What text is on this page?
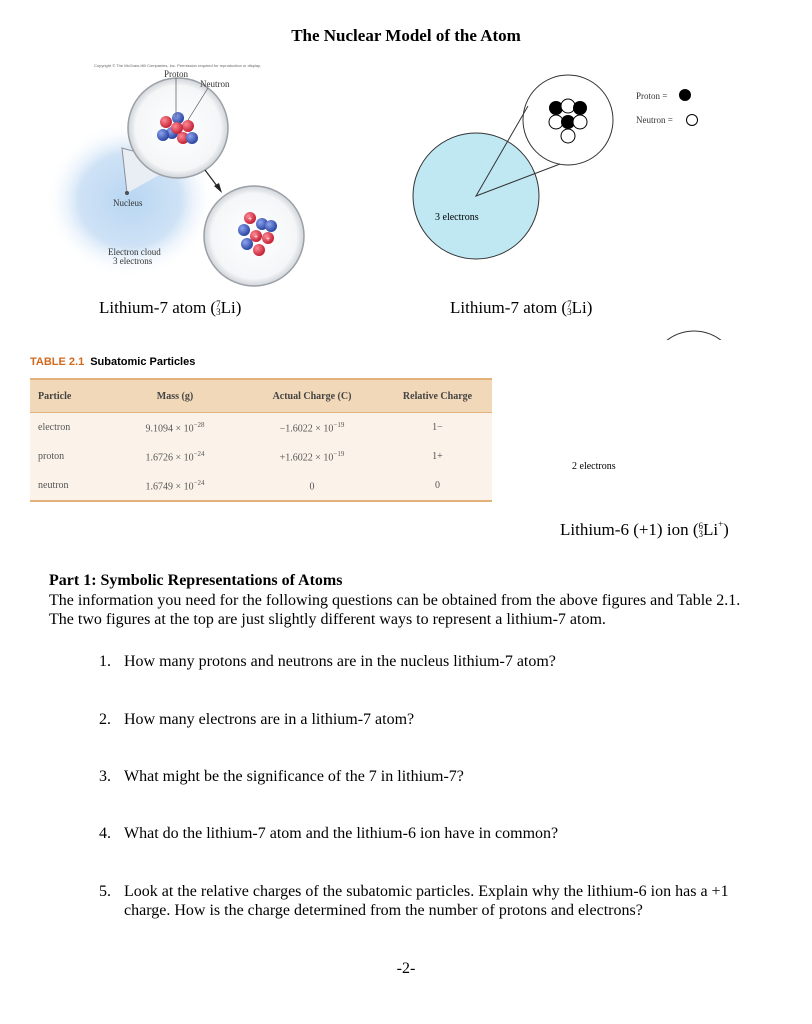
The Nuclear Model of the Atom
+
+ +
Copyright © The McGraw-Hill Companies, Inc. Permission required for reproduction or display.
Proton
Neutron
Nucleus
Electron cloud
3 electrons
Lithium-7 atom ( 7
3 Li)
Proton =
Neutron =
3 electrons
Lithium-7 atom ( 7
3 Li)
2 electrons
Lithium-6 (+1) ion ( 6
3 Li+)
TABLE 2.1 Subatomic Particles
Particle	Mass (g)	Actual Charge (C)	Relative Charge
electron	$9.1094 \times 10^{-28}$	$-1.6022 \times 10^{-19}$	1−
proton	$1.6726 \times 10^{-24}$	$+1.6022 \times 10^{-19}$	1+
neutron	$1.6749 \times 10^{-24}$	0	0
Part 1: Symbolic Representations of Atoms
The information you need for the following questions can be obtained from the above figures and Table 2.1. The two figures at the top are just slightly different ways to represent a lithium-7 atom.
1. How many protons and neutrons are in the nucleus lithium-7 atom?
2. How many electrons are in a lithium-7 atom?
3. What might be the significance of the 7 in lithium-7?
4. What do the lithium-7 atom and the lithium-6 ion have in common?
5. Look at the relative charges of the subatomic particles. Explain why the lithium-6 ion has a +1 charge. How is the charge determined from the number of protons and electrons?
-2-
